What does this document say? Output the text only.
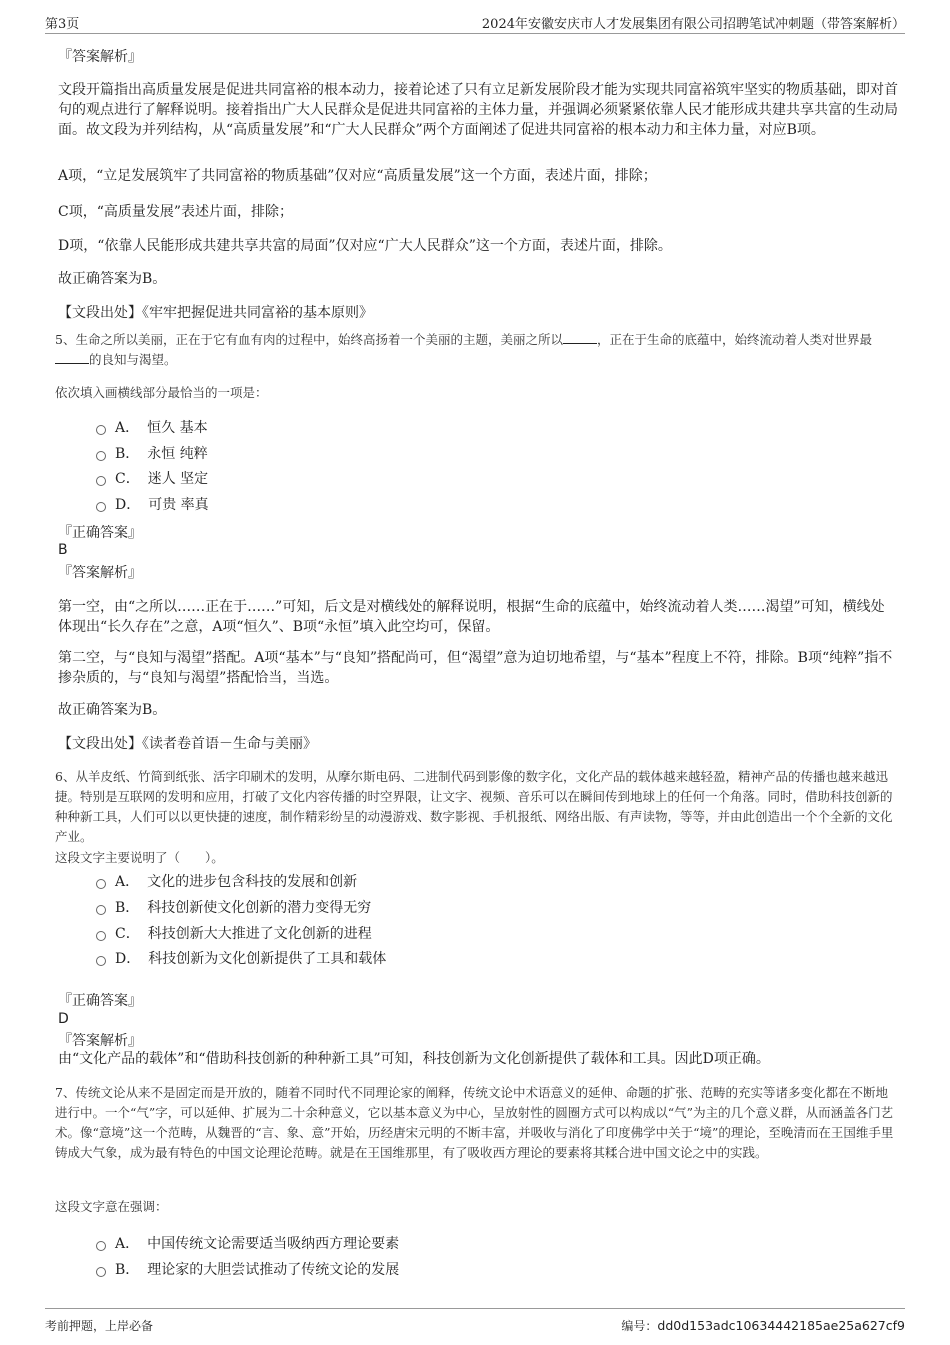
第3页	2024年安徽安庆市人才发展集团有限公司招聘笔试冲刺题（带答案解析）
『答案解析』
文段开篇指出高质量发展是促进共同富裕的根本动力，接着论述了只有立足新发展阶段才能为实现共同富裕筑牢坚实的物质基础，即对首句的观点进行了解释说明。接着指出广大人民群众是促进共同富裕的主体力量，并强调必须紧紧依靠人民才能形成共建共享共富的生动局面。故文段为并列结构，从“高质量发展”和“广大人民群众”两个方面阐述了促进共同富裕的根本动力和主体力量，对应B项。
A项，“立足发展筑牢了共同富裕的物质基础”仅对应“高质量发展”这一个方面，表述片面，排除；
C项，“高质量发展”表述片面，排除；
D项，“依靠人民能形成共建共享共富的局面”仅对应“广大人民群众”这一个方面，表述片面，排除。
故正确答案为B。
【文段出处】《牢牢把握促进共同富裕的基本原则》
5、生命之所以美丽，正在于它有血有肉的过程中，始终高扬着一个美丽的主题，美丽之所以	，正在于生命的底蕴中，始终流动着人类对世界最的良知与渴望。
依次填入画横线部分最恰当的一项是：
A． 恒久 基本
B． 永恒 纯粹
C． 迷人 坚定
D． 可贵 率真
『正确答案』
B
『答案解析』
第一空，由“之所以……正在于……”可知，后文是对横线处的解释说明，根据“生命的底蕴中，始终流动着人类……渴望”可知，横线处体现出“长久存在”之意，A项“恒久”、B项“永恒”填入此空均可，保留。
第二空，与“良知与渴望”搭配。A项“基本”与“良知”搭配尚可，但“渴望”意为迫切地希望，与“基本”程度上不符，排除。B项“纯粹”指不掺杂质的，与“良知与渴望”搭配恰当，当选。
故正确答案为B。
【文段出处】《读者卷首语－生命与美丽》
6、从羊皮纸、竹简到纸张、活字印刷术的发明，从摩尔斯电码、二进制代码到影像的数字化，文化产品的载体越来越轻盈，精神产品的传播也越来越迅捷。特别是互联网的发明和应用，打破了文化内容传播的时空界限，让文字、视频、音乐可以在瞬间传到地球上的任何一个角落。同时，借助科技创新的种种新工具，人们可以以更快捷的速度，制作精彩纷呈的动漫游戏、数字影视、手机报纸、网络出版、有声读物，等等，并由此创造出一个个全新的文化产业。
这段文字主要说明了（　　）。
A． 文化的进步包含科技的发展和创新
B． 科技创新使文化创新的潜力变得无穷
C． 科技创新大大推进了文化创新的进程
D． 科技创新为文化创新提供了工具和载体
『正确答案』
D
『答案解析』
由“文化产品的载体”和“借助科技创新的种种新工具”可知，科技创新为文化创新提供了载体和工具。因此D项正确。
7、传统文论从来不是固定而是开放的，随着不同时代不同理论家的阐释，传统文论中术语意义的延伸、命题的扩张、范畴的充实等诸多变化都在不断地进行中。一个“气”字，可以延伸、扩展为二十余种意义，它以基本意义为中心，呈放射性的圆圈方式可以构成以“气”为主的几个意义群，从而涵盖各门艺术。像“意境”这一个范畴，从魏晋的“言、象、意”开始，历经唐宋元明的不断丰富，并吸收与消化了印度佛学中关于“境”的理论，至晚清而在王国维手里铸成大气象，成为最有特色的中国文论理论范畴。就是在王国维那里，有了吸收西方理论的要素将其糅合进中国文论之中的实践。
这段文字意在强调：
A． 中国传统文论需要适当吸纳西方理论要素
B． 理论家的大胆尝试推动了传统文论的发展
考前押题，上岸必备	编号：dd0d153adc10634442185ae25a627cf9
